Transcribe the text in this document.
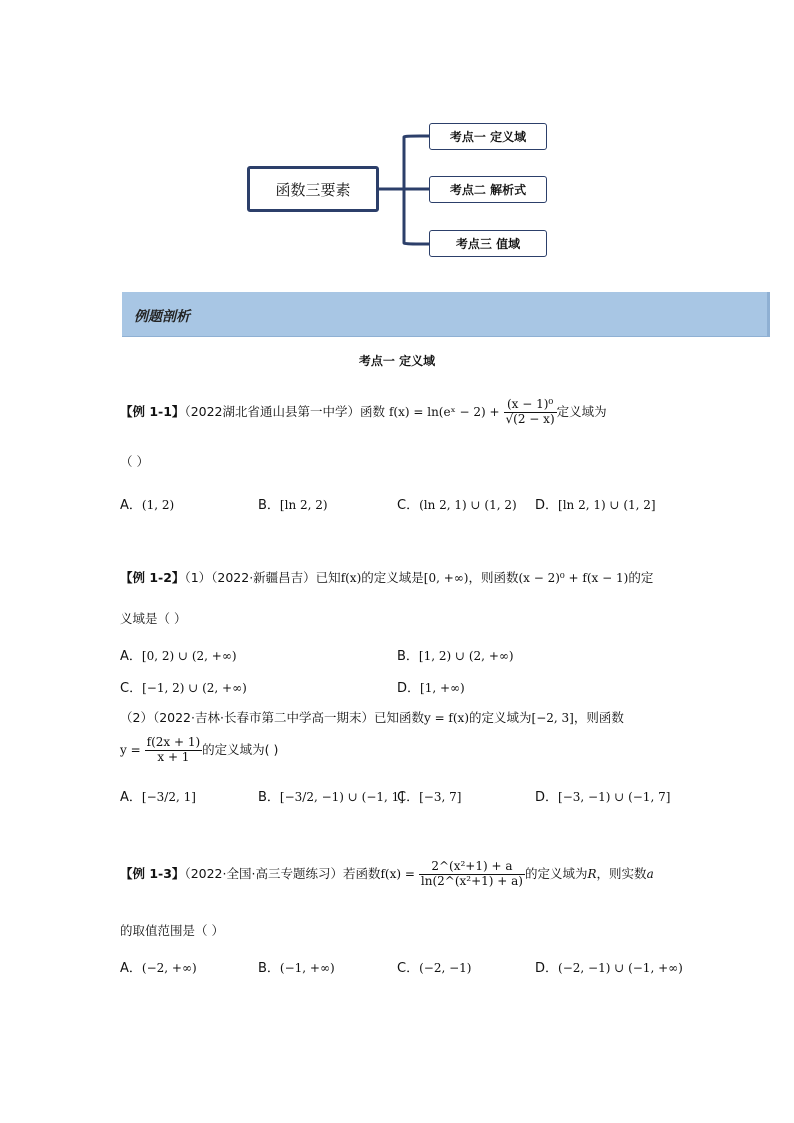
函数三要素
考点一 定义域
考点二 解析式
考点三 值域
例题剖析
考点一 定义域
【例 1-1】（2022湖北省通山县第一中学）函数 f(x) = ln(eˣ − $2) + \frac{\text{(x − 1)⁰}}{√(2 - x)}$ 定义域为
（ ）
A．(1, 2)	B．[ln 2, 2)	C．(ln 2, 1) ∪ (1, 2) D．[ln 2, 1) ∪ (1, 2]
【例 1-2】（1）（2022·新疆昌吉）已知f(x)的定义域是[0, +∞)，则函数(x − 2)⁰ + f(x − 1)的定
义域是（ ）
A．[0, 2) ∪ (2, +∞)	B．[1, 2) ∪ (2, +∞)
C．[−1, 2) ∪ (2, +∞)	D．[1, +∞)
（2）（2022·吉林·长春市第二中学高一期末）已知函数y = f(x)的定义域为[−2, 3]，则函数
$y = \frac{f(2x + 1)}{x + 1}$ 的定义域为( )
A．[−3/2, 1]	B．[−3/2, −1) ∪ (−1, 1]
C．[−3, 7]	D．[−3, −1) ∪ (−1, 7]
【例 1-3】（2022·全国·高三专题练习）若函数$f(x) = \frac{\text{2\textasciicircum{}(x²+1) + a}}{\text{ln(2\textasciicircum{}(x²+1) + a)}}$ 的定义域为R，则实数a
的取值范围是（ ）
A．(−2, +∞)	B．(−1, +∞)	C．(−2, −1)	D．(−2, −1) ∪ (−1, +∞)
